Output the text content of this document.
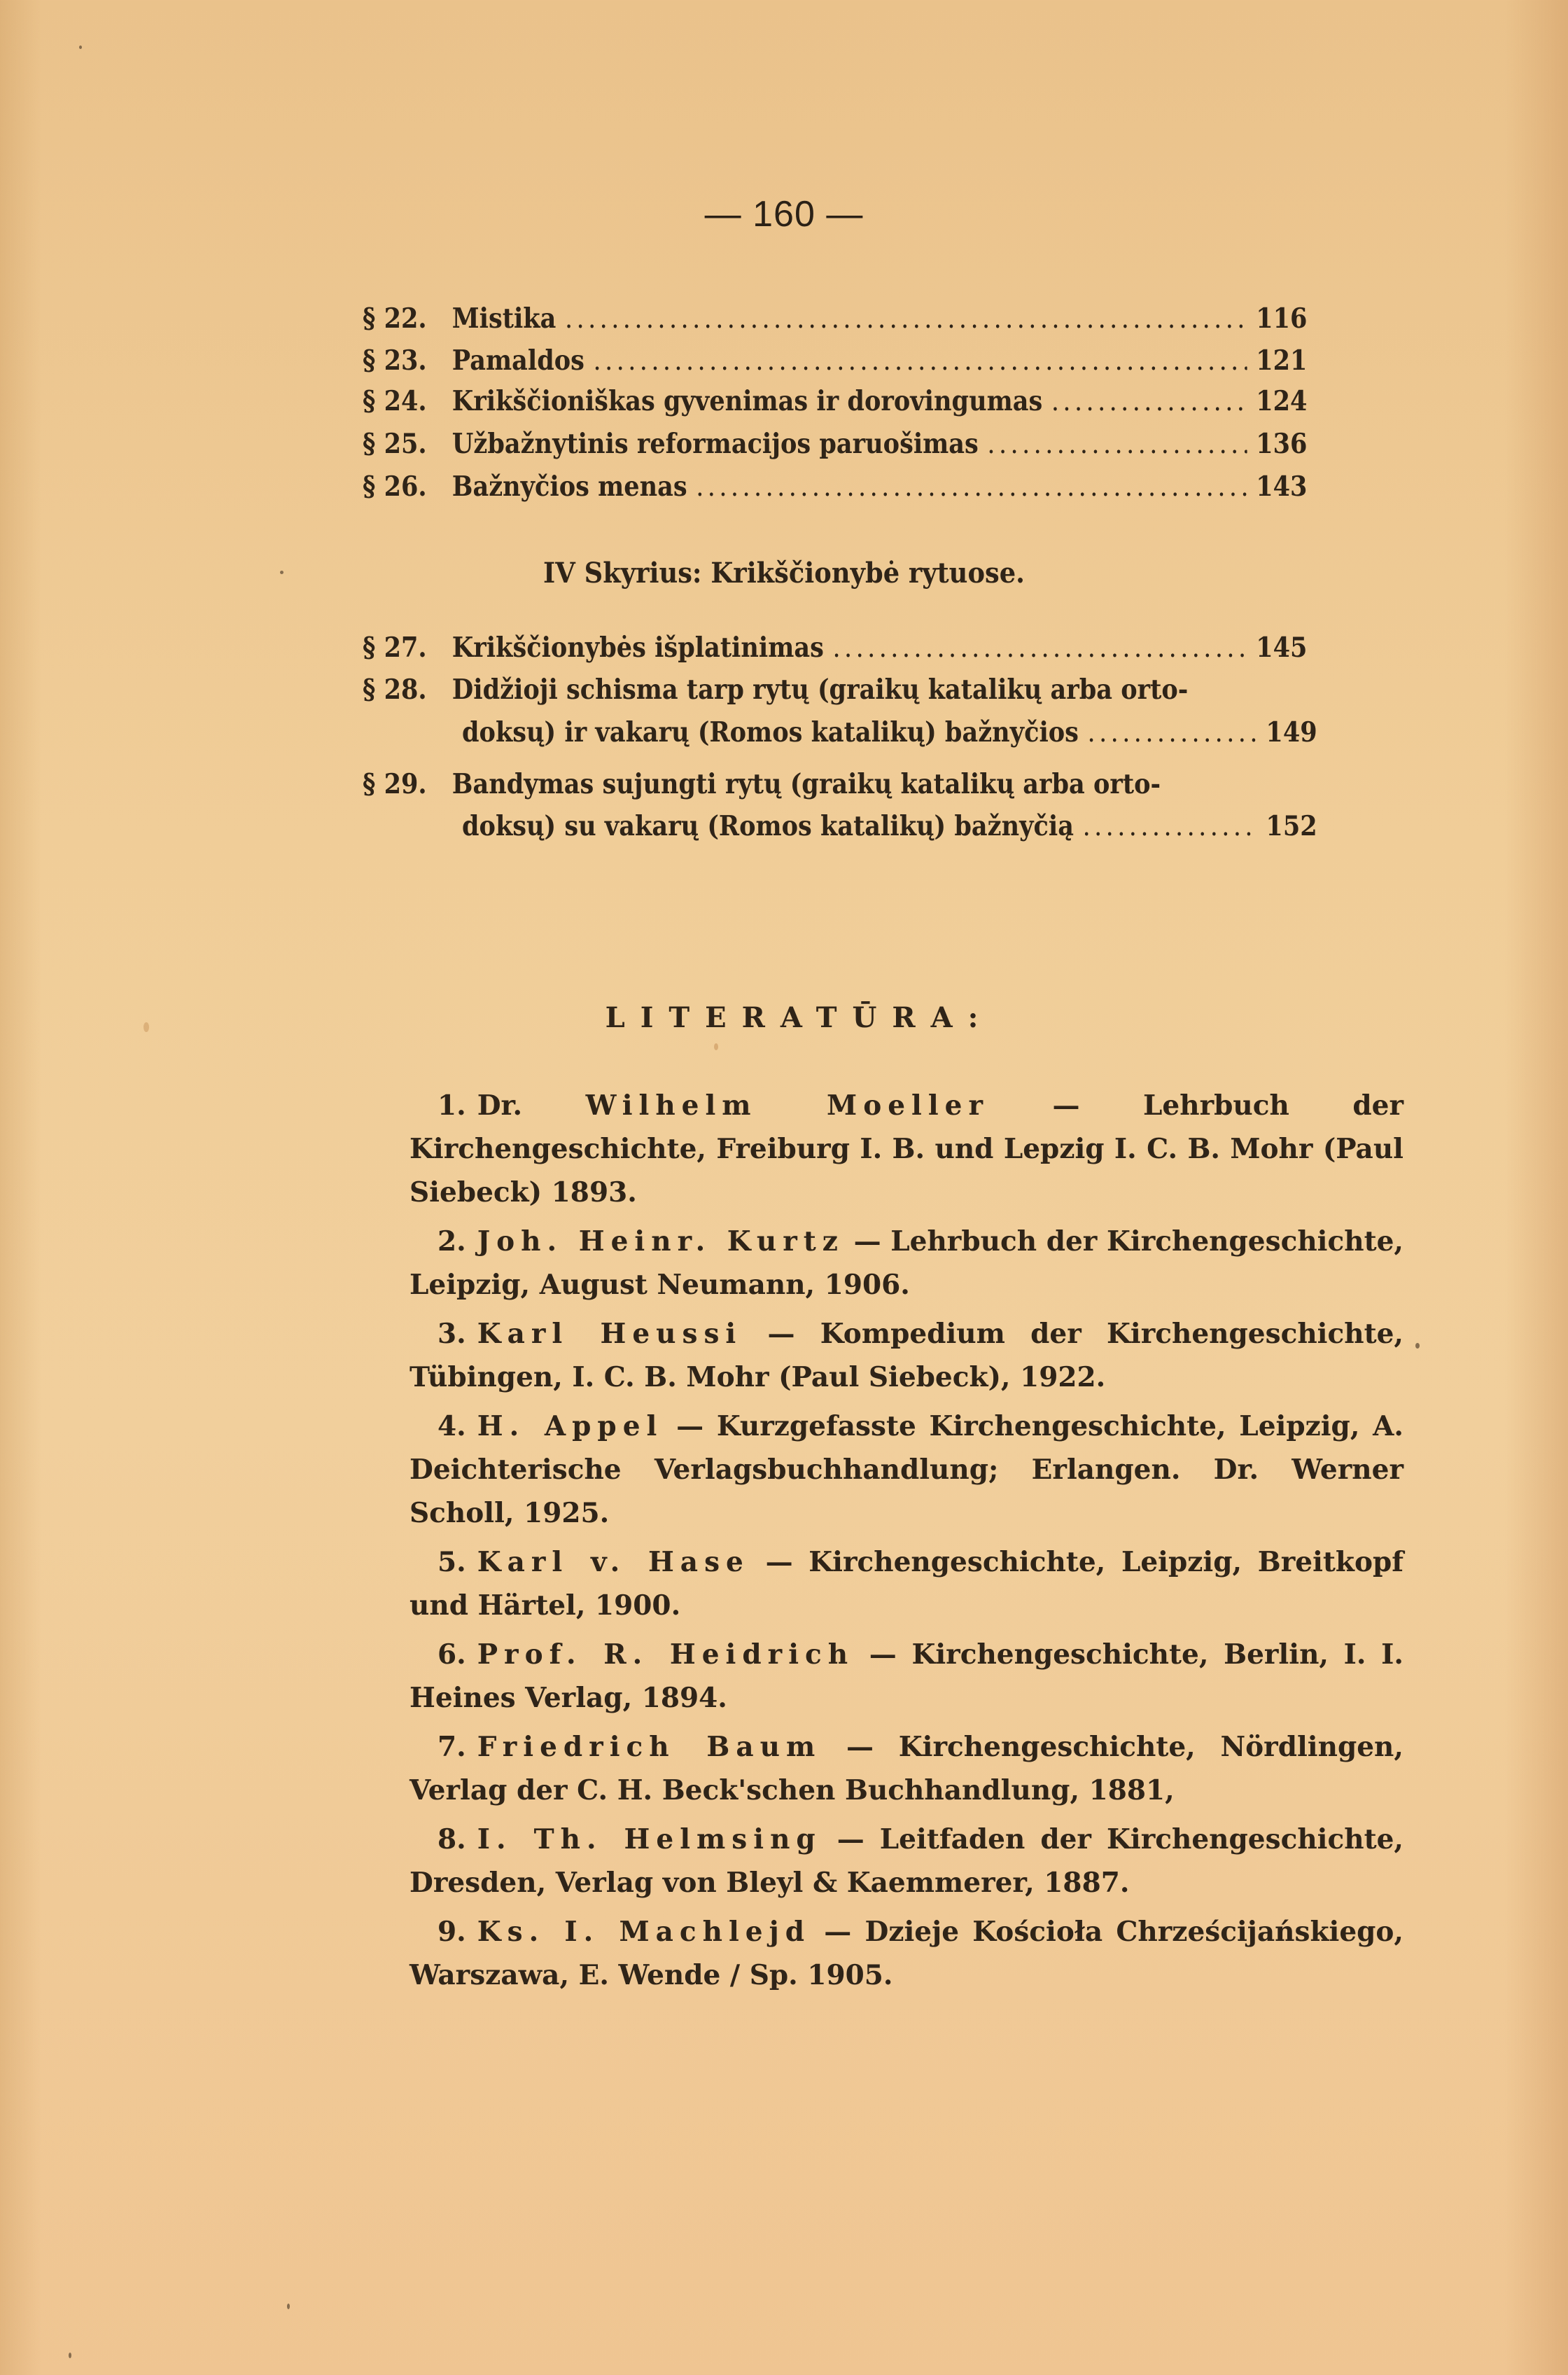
— 160 —
§ 22. Mistika .....	116
§ 23. Pamaldos .....	121
§ 24. Krikščioniškas gyvenimas ir dorovingumas .....	124
§ 25. Užbažnytinis reformacijos paruošimas .....	136
§ 26. Bažnyčios menas .....	143
IV Skyrius: Krikščionybė rytuose.
§ 27. Krikščionybės išplatinimas .....	145
§ 28. Didžioji schisma tarp rytų (graikų katalikų arba orto-
doksų) ir vakarų (Romos katalikų) bažnyčios .....	149
§ 29. Bandymas sujungti rytų (graikų katalikų arba orto-
doksų) su vakarų (Romos katalikų) bažnyčią .....	152
LITERATŪRA:

1. Dr. Wilhelm Moeller — Lehrbuch der Kirchengeschichte, Freiburg I. B. und Lepzig I. C. B. Mohr (Paul Siebeck) 1893.

2. Joh. Heinr. Kurtz — Lehrbuch der Kirchengeschichte, Leipzig, August Neumann, 1906.

3. Karl Heussi — Kompedium der Kirchengeschichte, Tübingen, I. C. B. Mohr (Paul Siebeck), 1922.

4. H. Appel — Kurzgefasste Kirchengeschichte, Leipzig, A. Deichterische Verlagsbuchhandlung; Erlangen. Dr. Werner Scholl, 1925.

5. Karl v. Hase — Kirchengeschichte, Leipzig, Breitkopf und Härtel, 1900.

6. Prof. R. Heidrich — Kirchengeschichte, Berlin, I. I. Heines Verlag, 1894.

7. Friedrich Baum — Kirchengeschichte, Nördlingen, Verlag der C. H. Beck'schen Buchhandlung, 1881,

8. I. Th. Helmsing — Leitfaden der Kirchengeschichte, Dresden, Verlag von Bleyl & Kaemmerer, 1887.

9. Ks. I. Machlejd — Dzieje Kościoła Chrześcijańskiego, Warszawa, E. Wende / Sp. 1905.
